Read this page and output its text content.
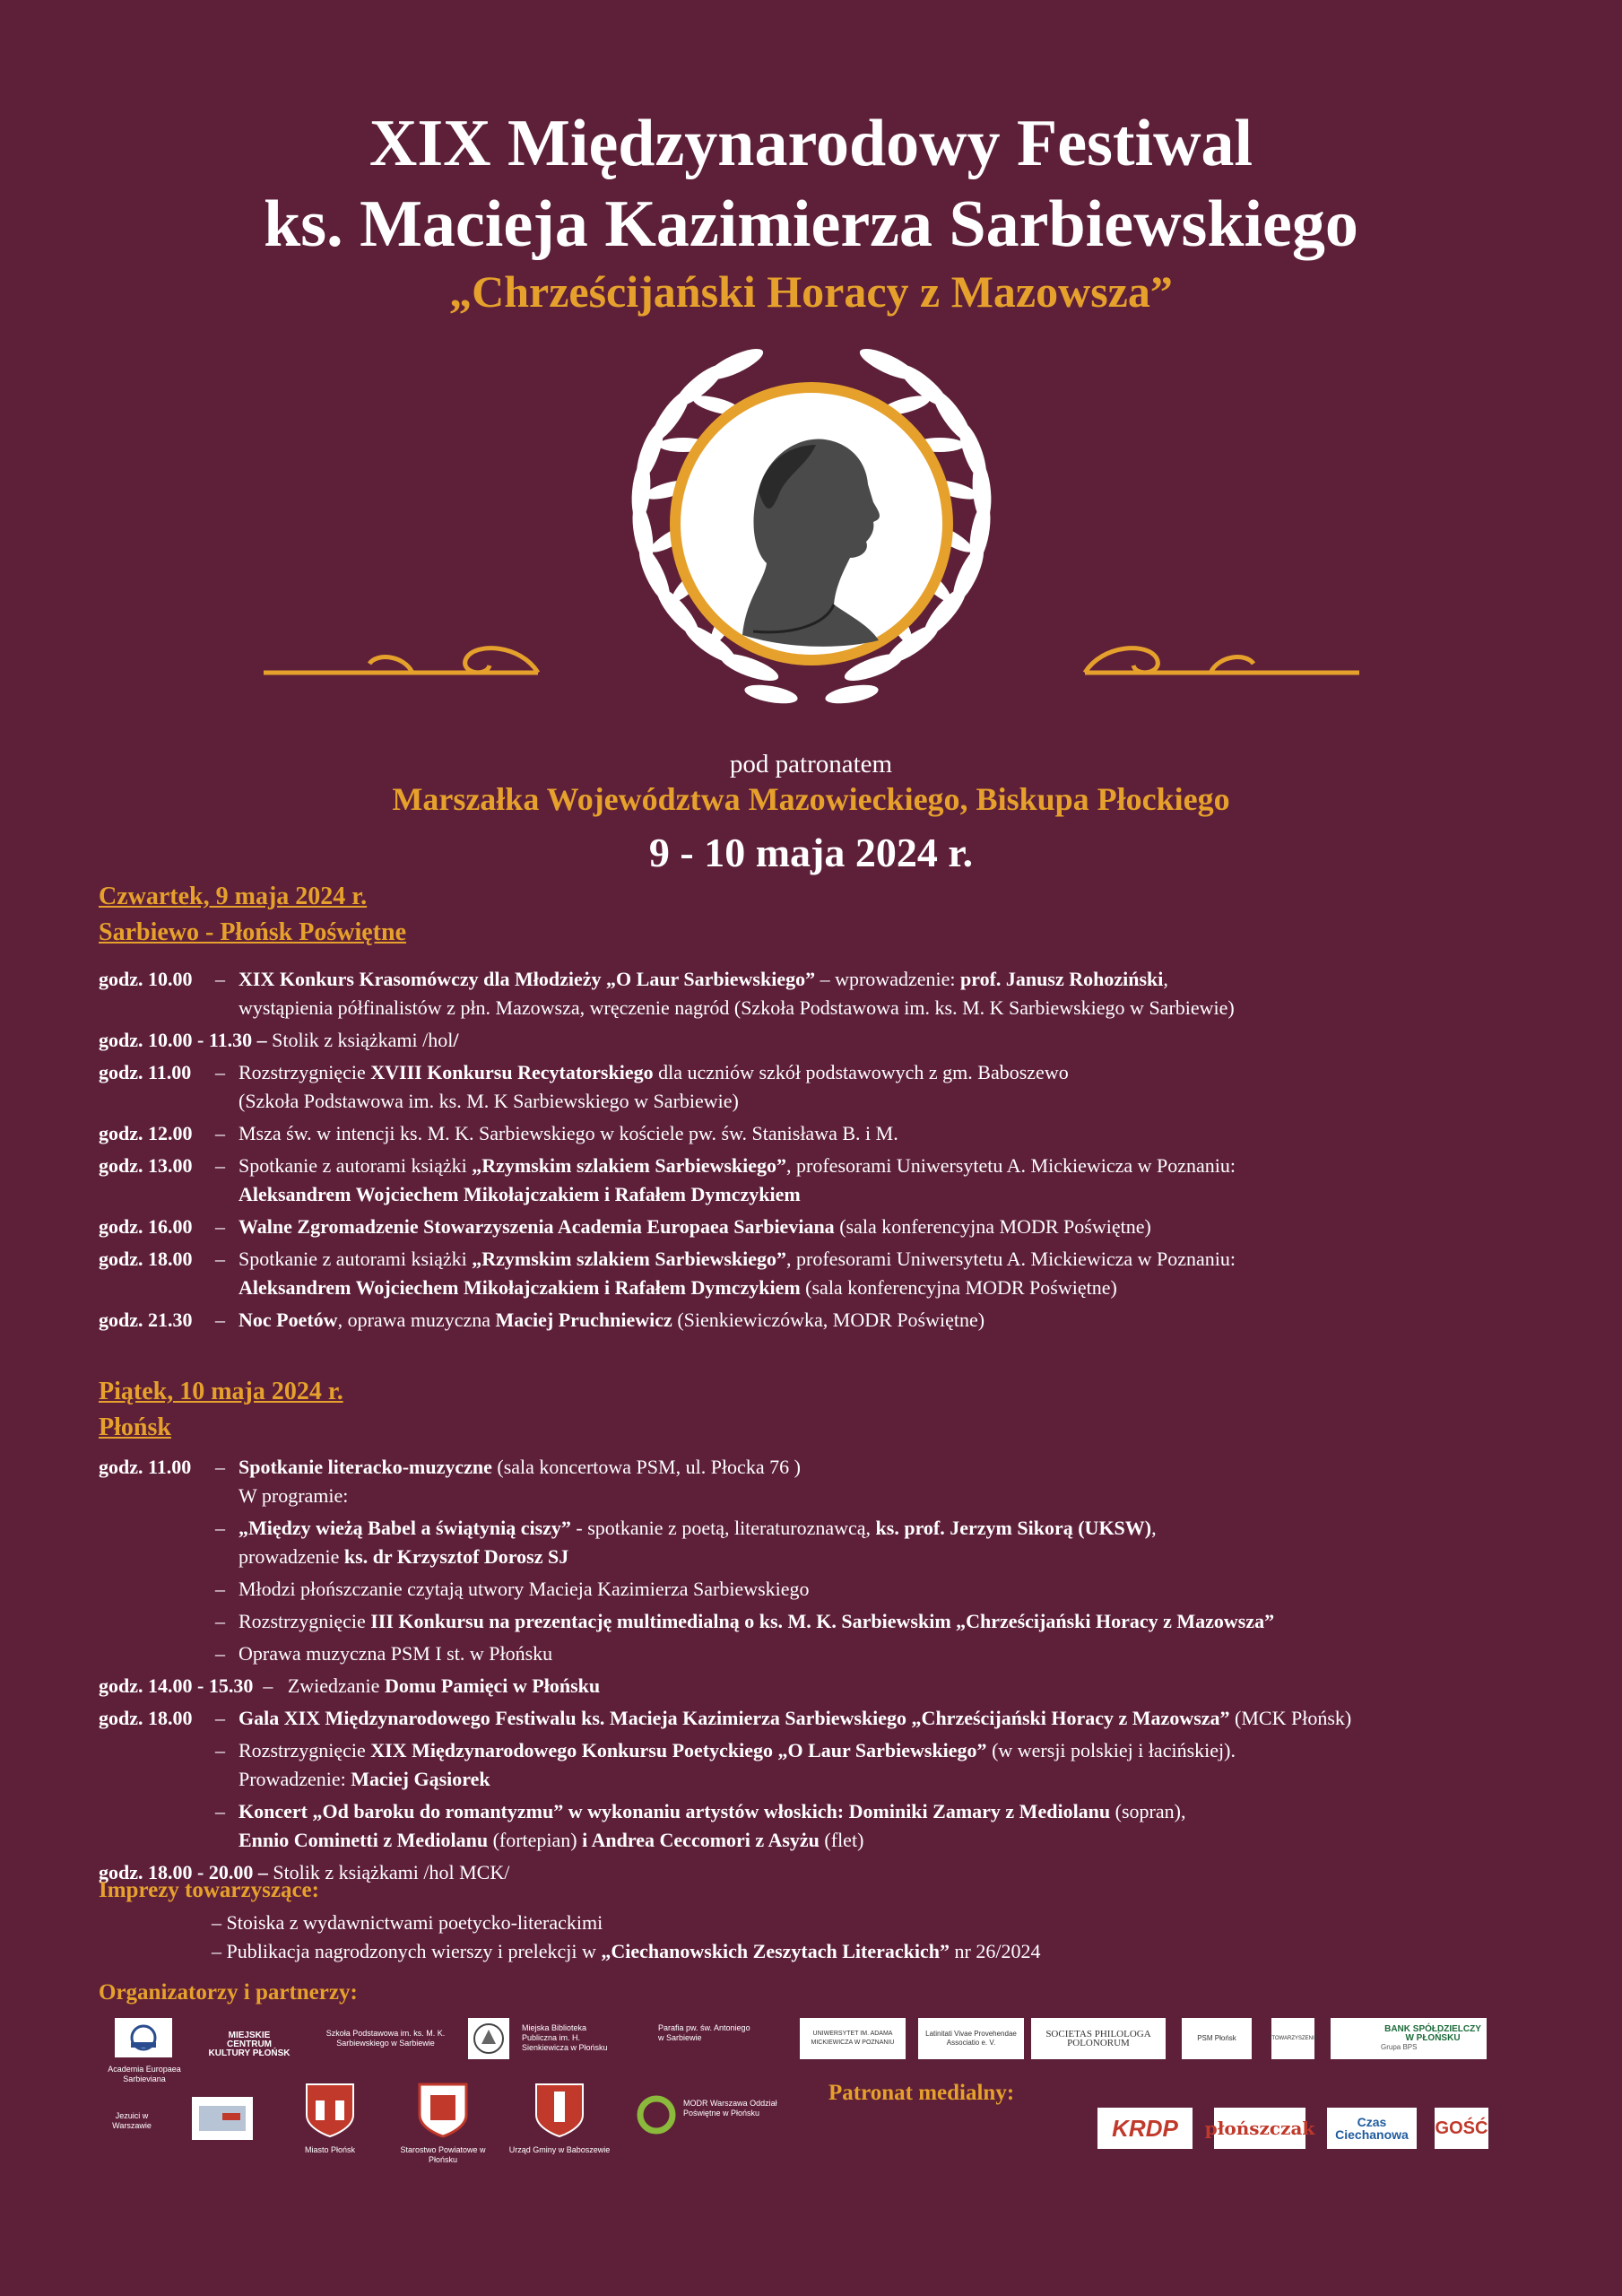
XIX Międzynarodowy Festiwal
ks. Macieja Kazimierza Sarbiewskiego
„Chrześcijański Horacy z Mazowsza”
pod patronatem
Marszałka Województwa Mazowieckiego, Biskupa Płockiego
9 - 10 maja 2024 r.
Czwartek, 9 maja 2024 r.
Sarbiewo - Płońsk Poświętne
godz. 10.00	– XIX Konkurs Krasomówczy dla Młodzieży „O Laur Sarbiewskiego” – wprowadzenie: prof. Janusz Rohoziński,
wystąpienia półfinalistów z płn. Mazowsza, wręczenie nagród (Szkoła Podstawowa im. ks. M. K Sarbiewskiego w Sarbiewie)
godz. 10.00 - 11.30 – Stolik z książkami /hol/
godz. 11.00	– Rozstrzygnięcie XVIII Konkursu Recytatorskiego dla uczniów szkół podstawowych z gm. Baboszewo
(Szkoła Podstawowa im. ks. M. K Sarbiewskiego w Sarbiewie)
godz. 12.00	– Msza św. w intencji ks. M. K. Sarbiewskiego w kościele pw. św. Stanisława B. i M.
godz. 13.00	– Spotkanie z autorami książki „Rzymskim szlakiem Sarbiewskiego”, profesorami Uniwersytetu A. Mickiewicza w Poznaniu:
Aleksandrem Wojciechem Mikołajczakiem i Rafałem Dymczykiem
godz. 16.00	– Walne Zgromadzenie Stowarzyszenia Academia Europaea Sarbieviana (sala konferencyjna MODR Poświętne)
godz. 18.00	– Spotkanie z autorami książki „Rzymskim szlakiem Sarbiewskiego”, profesorami Uniwersytetu A. Mickiewicza w Poznaniu:
Aleksandrem Wojciechem Mikołajczakiem i Rafałem Dymczykiem (sala konferencyjna MODR Poświętne)
godz. 21.30	– Noc Poetów, oprawa muzyczna Maciej Pruchniewicz (Sienkiewiczówka, MODR Poświętne)
Piątek, 10 maja 2024 r.
Płońsk
godz. 11.00	– Spotkanie literacko-muzyczne (sala koncertowa PSM, ul. Płocka 76 )
W programie:
– „Między wieżą Babel a świątynią ciszy” - spotkanie z poetą, literaturoznawcą, ks. prof. Jerzym Sikorą (UKSW),
prowadzenie ks. dr Krzysztof Dorosz SJ
– Młodzi płońszczanie czytają utwory Macieja Kazimierza Sarbiewskiego
– Rozstrzygnięcie III Konkursu na prezentację multimedialną o ks. M. K. Sarbiewskim „Chrześcijański Horacy z Mazowsza”
– Oprawa muzyczna PSM I st. w Płońsku
godz. 14.00 - 15.30  –   Zwiedzanie Domu Pamięci w Płońsku
godz. 18.00	– Gala XIX Międzynarodowego Festiwalu ks. Macieja Kazimierza Sarbiewskiego „Chrześcijański Horacy z Mazowsza” (MCK Płońsk)
– Rozstrzygnięcie XIX Międzynarodowego Konkursu Poetyckiego „O Laur Sarbiewskiego” (w wersji polskiej i łacińskiej).
Prowadzenie: Maciej Gąsiorek
– Koncert „Od baroku do romantyzmu” w wykonaniu artystów włoskich: Dominiki Zamary z Mediolanu (sopran),
Ennio Cominetti z Mediolanu (fortepian) i Andrea Ceccomori z Asyżu (flet)
godz. 18.00 - 20.00 – Stolik z książkami /hol MCK/
Imprezy towarzyszące:
– Stoiska z wydawnictwami poetycko-literackimi
– Publikacja nagrodzonych wierszy i prelekcji w „Ciechanowskich Zeszytach Literackich” nr 26/2024
Organizatorzy i partnerzy:
Academia Europaea Sarbieviana
MIEJSKIE CENTRUM KULTURY PŁOŃSK
Szkoła Podstawowa im. ks. M. K. Sarbiewskiego w Sarbiewie
Miejska Biblioteka Publiczna im. H. Sienkiewicza w Płońsku
Parafia pw. św. Antoniego w Sarbiewie	UNIWERSYTET IM. ADAMA MICKIEWICZA W POZNANIU
Latinitati Vivae Provehendae Associatio e. V.
SOCIETAS PHILOLOGA POLONORUM	PSM Płońsk	STOWARZYSZENIE
BANK SPÓŁDZIELCZY W PŁOŃSKU
Grupa BPS
Jezuici w Warszawie
Miasto Płońsk	Starostwo Powiatowe w Płońsku
Urząd Gminy w Baboszewie
MODR Warszawa Oddział Poświętne w Płońsku
Patronat medialny:
KRDP	płońszczak	Czas Ciechanowa	GOŚĆ
